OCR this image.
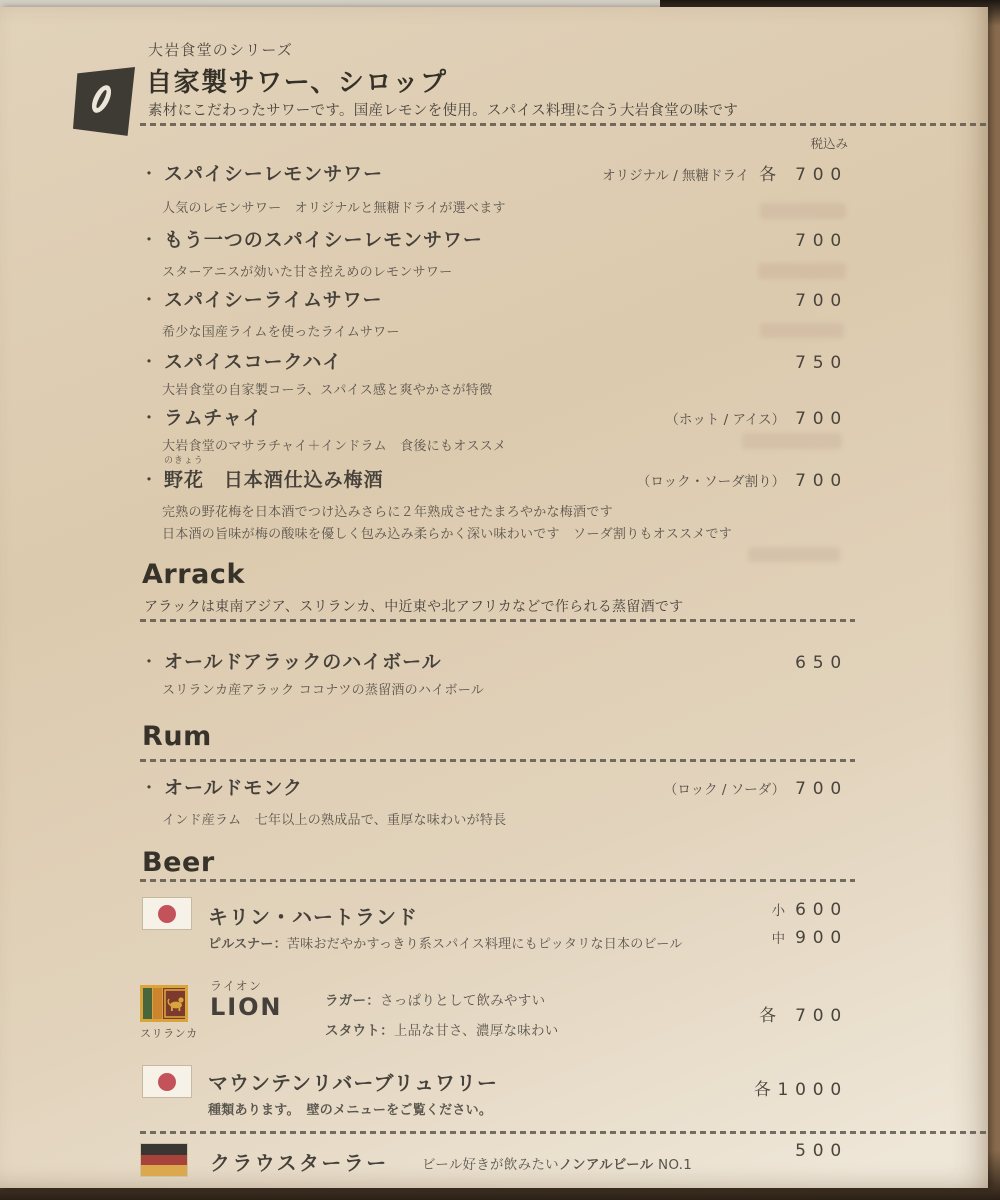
大岩食堂のシリーズ
自家製サワー、シロップ
素材にこだわったサワーです。国産レモンを使用。スパイス料理に合う大岩食堂の味です
税込み
・ スパイシーレモンサワー	オリジナル / 無糖ドライ 各 700
人気のレモンサワー　オリジナルと無糖ドライが選べます
・ もう一つのスパイシーレモンサワー	700
スターアニスが効いた甘さ控えめのレモンサワー
・ スパイシーライムサワー	700
希少な国産ライムを使ったライムサワー
・ スパイスコークハイ	750
大岩食堂の自家製コーラ、スパイス感と爽やかさが特徴
・ ラムチャイ	（ホット / アイス） 700
大岩食堂のマサラチャイ＋インドラム　食後にもオススメ
のきょう
・ 野花　日本酒仕込み梅酒	（ロック・ソーダ割り） 700
完熟の野花梅を日本酒でつけ込みさらに２年熟成させたまろやかな梅酒です
日本酒の旨味が梅の酸味を優しく包み込み柔らかく深い味わいです　ソーダ割りもオススメです
Arrack
アラックは東南アジア、スリランカ、中近東や北アフリカなどで作られる蒸留酒です
・ オールドアラックのハイボール	650
スリランカ産アラック ココナツの蒸留酒のハイボール
Rum
・ オールドモンク	（ロック / ソーダ） 700
インド産ラム　七年以上の熟成品で、重厚な味わいが特長
Beer
キリン・ハートランド
ピルスナー：苦味おだやかすっきり系スパイス料理にもピッタリな日本のビール
小 600
中 900
スリランカ
ライオン
LION	ラガー：さっぱりとして飲みやすい
スタウト：上品な甘さ、濃厚な味わい
各 700
マウンテンリバーブリュワリー
種類あります。　壁のメニューをご覧ください。
各1000
クラウスターラー ビール好きが飲みたいノンアルビール NO.1
500
